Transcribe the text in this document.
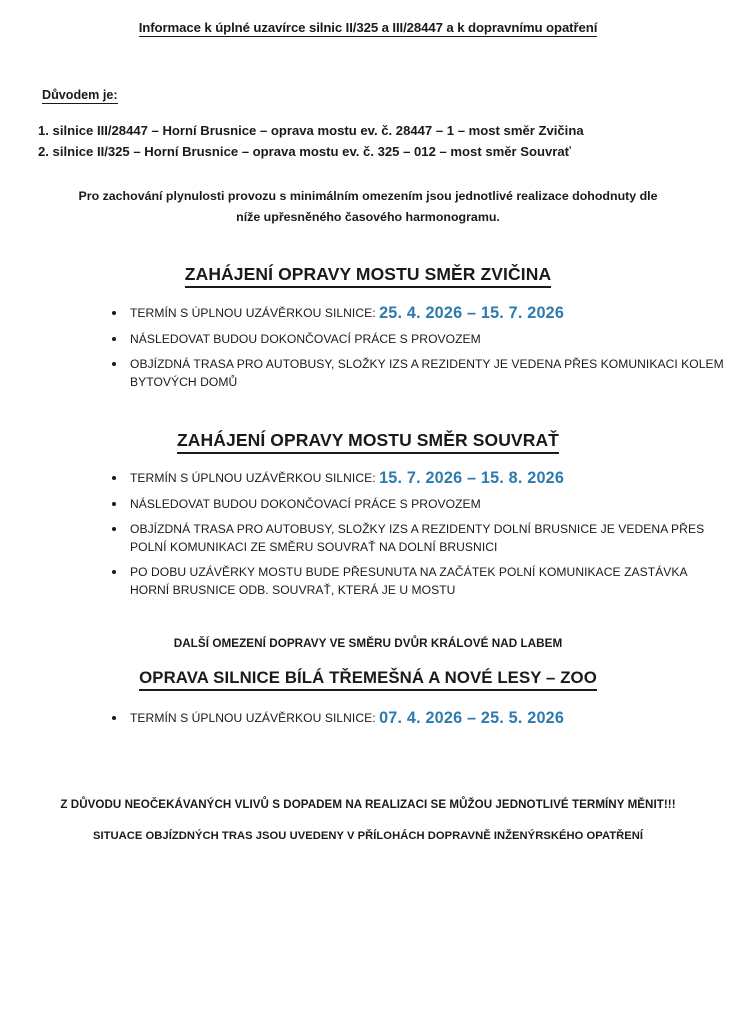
Informace k úplné uzavírce silnic II/325 a III/28447 a k dopravnímu opatření
Důvodem je:
1. silnice III/28447 – Horní Brusnice – oprava mostu ev. č. 28447 – 1 – most směr Zvičina
2. silnice II/325 – Horní Brusnice – oprava mostu ev. č. 325 – 012 – most směr Souvrať
Pro zachování plynulosti provozu s minimálním omezením jsou jednotlivé realizace dohodnuty dle níže upřesněného časového harmonogramu.
ZAHÁJENÍ OPRAVY MOSTU SMĚR ZVIČINA
TERMÍN S ÚPLNOU UZÁVĚRKOU SILNICE: 25. 4. 2026 – 15. 7. 2026
NÁSLEDOVAT BUDOU DOKONČOVACÍ PRÁCE S PROVOZEM
OBJÍZDNÁ TRASA PRO AUTOBUSY, SLOŽKY IZS A REZIDENTY JE VEDENA PŘES KOMUNIKACI KOLEM BYTOVÝCH DOMŮ
ZAHÁJENÍ OPRAVY MOSTU SMĚR SOUVRAŤ
TERMÍN S ÚPLNOU UZÁVĚRKOU SILNICE: 15. 7. 2026 – 15. 8. 2026
NÁSLEDOVAT BUDOU DOKONČOVACÍ PRÁCE S PROVOZEM
OBJÍZDNÁ TRASA PRO AUTOBUSY, SLOŽKY IZS A REZIDENTY DOLNÍ BRUSNICE JE VEDENA PŘES POLNÍ KOMUNIKACI ZE SMĚRU SOUVRAŤ NA DOLNÍ BRUSNICI
PO DOBU UZÁVĚRKY MOSTU BUDE PŘESUNUTA NA ZAČÁTEK POLNÍ KOMUNIKACE ZASTÁVKA HORNÍ BRUSNICE ODB. SOUVRAŤ, KTERÁ JE U MOSTU
DALŠÍ OMEZENÍ DOPRAVY VE SMĚRU DVŮR KRÁLOVÉ NAD LABEM
OPRAVA SILNICE BÍLÁ TŘEMEŠNÁ A NOVÉ LESY – ZOO
TERMÍN S ÚPLNOU UZÁVĚRKOU SILNICE: 07. 4. 2026 – 25. 5. 2026
Z DŮVODU NEOČEKÁVANÝCH VLIVŮ S DOPADEM NA REALIZACI SE MŮŽOU JEDNOTLIVÉ TERMÍNY MĚNIT!!!
SITUACE OBJÍZDNÝCH TRAS JSOU UVEDENY V PŘÍLOHÁCH DOPRAVNĚ INŽENÝRSKÉHO OPATŘENÍ
